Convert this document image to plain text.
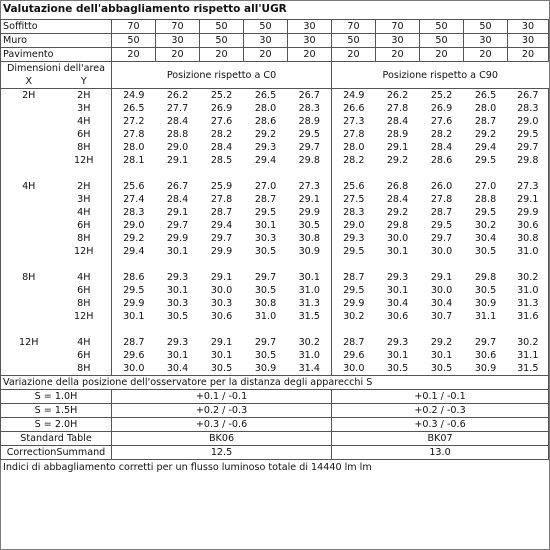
Valutazione dell'abbagliamento rispetto all'UGR
Soffitto		70	70	50	50	30	70	70	50	50	30
Muro		50	30	50	30	30	50	30	50	30	30
Pavimento		20	20	20	20	20	20	20	20	20	20
Dimensioni dell'area		Posizione rispetto a C0					Posizione rispetto a C90				
X	Y										
2H	2H	24.9	26.2	25.2	26.5	26.7	24.9	26.2	25.2	26.5	26.7
	3H	26.5	27.7	26.9	28.0	28.3	26.6	27.8	26.9	28.0	28.3
	4H	27.2	28.4	27.6	28.6	28.9	27.3	28.4	27.6	28.7	29.0
	6H	27.8	28.8	28.2	29.2	29.5	27.8	28.9	28.2	29.2	29.5
	8H	28.0	29.0	28.4	29.3	29.7	28.0	29.1	28.4	29.4	29.7
	12H	28.1	29.1	28.5	29.4	29.8	28.2	29.2	28.6	29.5	29.8

4H	2H	25.6	26.7	25.9	27.0	27.3	25.6	26.8	26.0	27.0	27.3
	3H	27.4	28.4	27.8	28.7	29.1	27.5	28.4	27.8	28.8	29.1
	4H	28.3	29.1	28.7	29.5	29.9	28.3	29.2	28.7	29.5	29.9
	6H	29.0	29.7	29.4	30.1	30.5	29.0	29.8	29.5	30.2	30.6
	8H	29.2	29.9	29.7	30.3	30.8	29.3	30.0	29.7	30.4	30.8
	12H	29.4	30.1	29.9	30.5	30.9	29.5	30.1	30.0	30.5	31.0

8H	4H	28.6	29.3	29.1	29.7	30.1	28.7	29.3	29.1	29.8	30.2
	6H	29.5	30.1	30.0	30.5	31.0	29.5	30.1	30.0	30.5	31.0
	8H	29.9	30.3	30.3	30.8	31.3	29.9	30.4	30.4	30.9	31.3
	12H	30.1	30.5	30.6	31.0	31.5	30.2	30.6	30.7	31.1	31.6

12H	4H	28.7	29.3	29.1	29.7	30.2	28.7	29.3	29.2	29.7	30.2
	6H	29.6	30.1	30.1	30.5	31.0	29.6	30.1	30.1	30.6	31.1
	8H	30.0	30.4	30.5	30.9	31.4	30.0	30.5	30.5	30.9	31.5
Variazione della posizione dell'osservatore per la distanza degli apparecchi S											
S = 1.0H		+0.1 / -0.1					+0.1 / -0.1				
S = 1.5H		+0.2 / -0.3					+0.2 / -0.3				
S = 2.0H		+0.3 / -0.6					+0.3 / -0.6				
Standard Table		BK06					BK07				
CorrectionSummand		12.5					13.0				
Indici di abbagliamento corretti per un flusso luminoso totale di 14440 lm lm
